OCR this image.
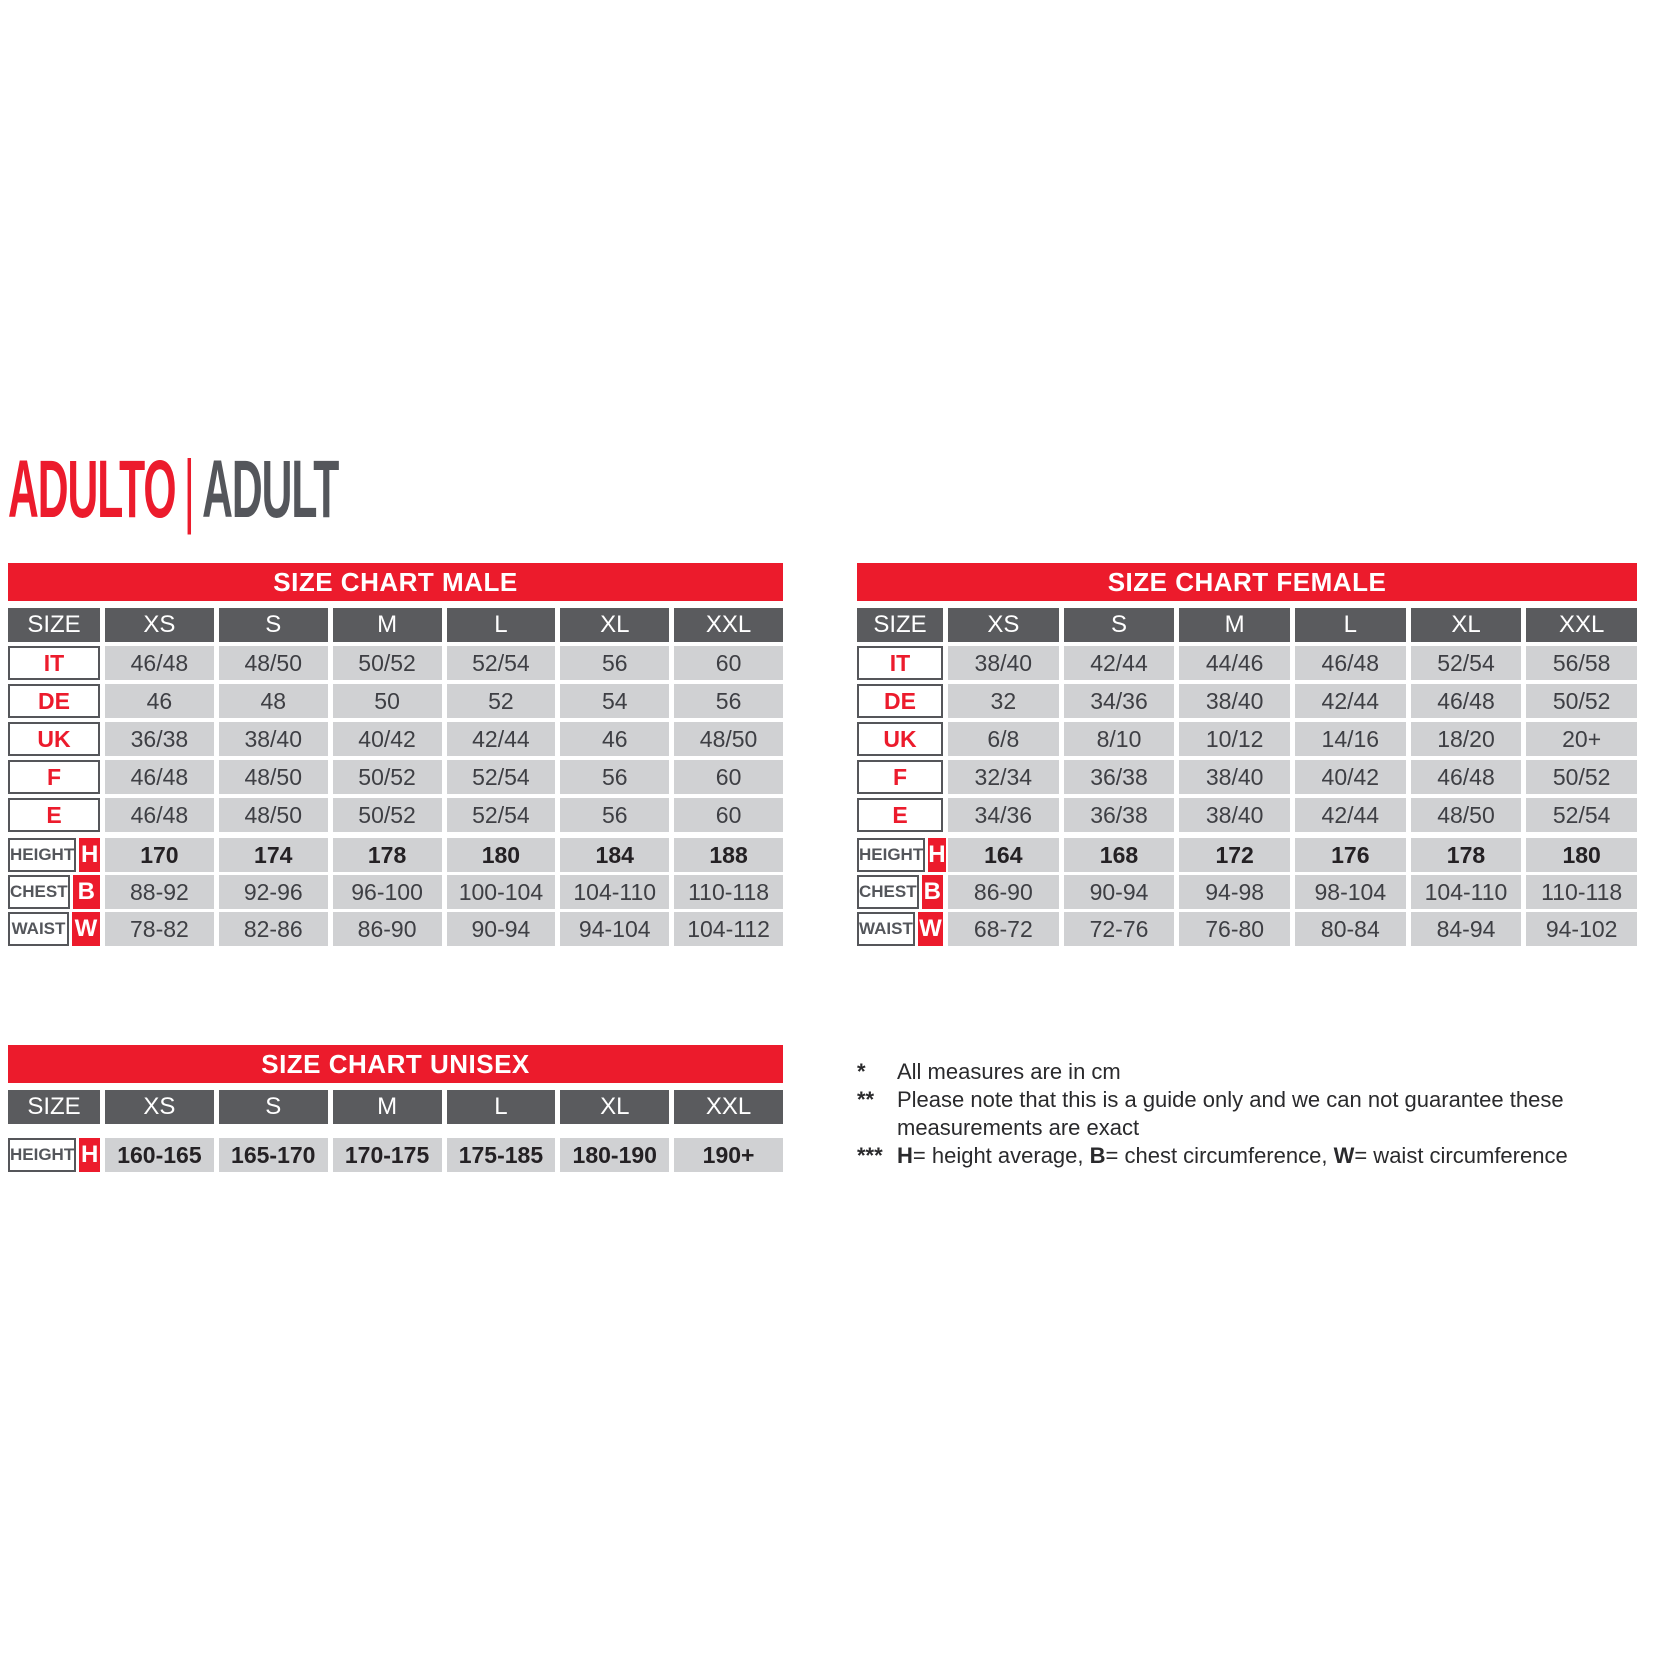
ADULTO | ADULT
SIZE CHART MALE
SIZE	XS	S	M	L	XL	XXL
IT	46/48	48/50	50/52	52/54	56	60
DE	46	48	50	52	54	56
UK	36/38	38/40	40/42	42/44	46	48/50
F	46/48	48/50	50/52	52/54	56	60
E	46/48	48/50	50/52	52/54	56	60
HEIGHT H	170	174	178	180	184	188
CHEST B	88-92	92-96	96-100	100-104	104-110	110-118
WAIST W	78-82	82-86	86-90	90-94	94-104	104-112
SIZE CHART FEMALE
SIZE	XS	S	M	L	XL	XXL
IT	38/40	42/44	44/46	46/48	52/54	56/58
DE	32	34/36	38/40	42/44	46/48	50/52
UK	6/8	8/10	10/12	14/16	18/20	20+
F	32/34	36/38	38/40	40/42	46/48	50/52
E	34/36	36/38	38/40	42/44	48/50	52/54
HEIGHT H	164	168	172	176	178	180
CHEST B	86-90	90-94	94-98	98-104	104-110	110-118
WAIST W	68-72	72-76	76-80	80-84	84-94	94-102
SIZE CHART UNISEX
SIZE	XS	S	M	L	XL	XXL
HEIGHT H 160-165	165-170	170-175	175-185	180-190	190+
*	All measures are in cm
**	Please note that this is a guide only and we can not guarantee these measurements are exact
*** H= height average, B= chest circumference, W= waist circumference
